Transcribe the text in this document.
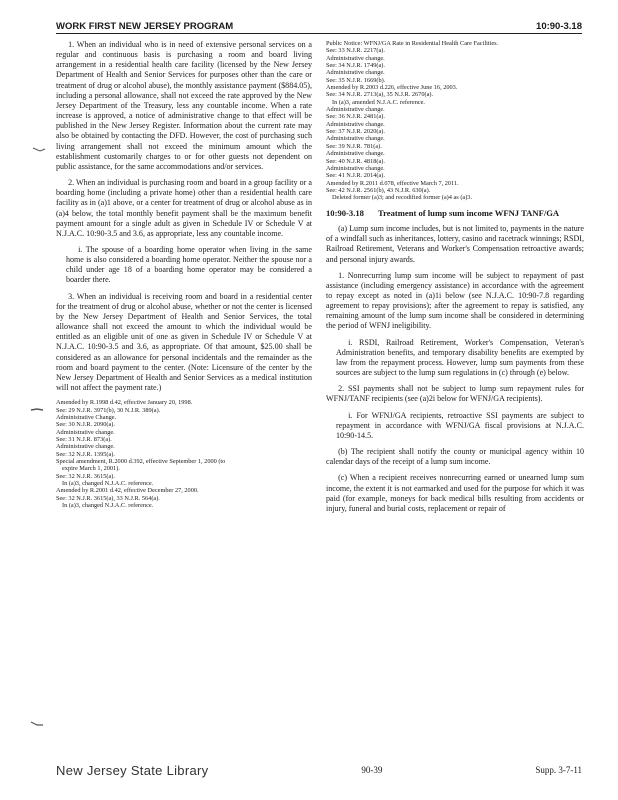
WORK FIRST NEW JERSEY PROGRAM	10:90-3.18

1. When an individual who is in need of extensive personal services on a regular and continuous basis is purchasing a room and board living arrangement in a residential health care facility (licensed by the New Jersey Department of Health and Senior Services for purposes other than the care or treatment of drug or alcohol abuse), the monthly assistance payment ($884.05), including a personal allowance, shall not exceed the rate approved by the New Jersey Department of the Treasury, less any countable income. When a rate increase is approved, a notice of administrative change to that effect will be published in the New Jersey Register. Information about the current rate may also be obtained by contacting the DFD. However, the cost of purchasing such living arrangement shall not exceed the minimum amount which the establishment customarily charges to or for other guests not dependent on public assistance, for the same accommodations and/or services.

2. When an individual is purchasing room and board in a group facility or a boarding home (including a private home) other than a residential health care facility as in (a)1 above, or a center for treatment of drug or alcohol abuse as in (a)4 below, the total monthly benefit payment shall be the maximum benefit payment amount for a single adult as given in Schedule IV or Schedule V at N.J.A.C. 10:90-3.5 and 3.6, as appropriate, less any countable income.

i. The spouse of a boarding home operator when living in the same home is also considered a boarding home operator. Neither the spouse nor a child under age 18 of a boarding home operator may be considered a boarder there.

3. When an individual is receiving room and board in a residential center for the treatment of drug or alcohol abuse, whether or not the center is licensed by the New Jersey Department of Health and Senior Services, the total allowance shall not exceed the amount to which the individual would be entitled as an eligible unit of one as given in Schedule IV or Schedule V at N.J.A.C. 10:90-3.5 and 3.6, as appropriate. Of that amount, $25.00 shall be considered as an allowance for personal incidentals and the remainder as the room and board payment to the center. (Note: Licensure of the center by the New Jersey Department of Health and Senior Services as a medical institution will not affect the payment rate.)

Amended by R.1998 d.42, effective January 20, 1998.
See: 29 N.J.R. 3971(b), 30 N.J.R. 389(a).
Administrative Change.
See: 30 N.J.R. 2090(a).
Administrative change.
See: 31 N.J.R. 873(a).
Administrative change.
See: 32 N.J.R. 1395(a).
Special amendment, R.2000 d.392, effective September 1, 2000 (to
expire March 1, 2001).
See: 32 N.J.R. 3615(a).
In (a)3, changed N.J.A.C. reference.
Amended by R.2001 d.42, effective December 27, 2000.
See: 32 N.J.R. 3615(a), 33 N.J.R. 564(a).
In (a)3, changed N.J.A.C. reference.
Public Notice: WFNJ/GA Rate in Residential Health Care Facilities.
See: 33 N.J.R. 2217(a).
Administrative change.
See: 34 N.J.R. 1749(a).
Administrative change.
See: 35 N.J.R. 1669(b).
Amended by R.2003 d.226, effective June 16, 2003.
See: 34 N.J.R. 2713(a), 35 N.J.R. 2670(a).
In (a)3, amended N.J.A.C. reference.
Administrative change.
See: 36 N.J.R. 2481(a).
Administrative change.
See: 37 N.J.R. 2020(a).
Administrative change.
See: 39 N.J.R. 781(a).
Administrative change.
See: 40 N.J.R. 4818(a).
Administrative change.
See: 41 N.J.R. 2014(a).
Amended by R.2011 d.078, effective March 7, 2011.
See: 42 N.J.R. 2561(b), 43 N.J.R. 630(a).
Deleted former (a)3; and recodified former (a)4 as (a)3.
10:90-3.18	Treatment of lump sum income WFNJ TANF/GA

(a) Lump sum income includes, but is not limited to, payments in the nature of a windfall such as inheritances, lottery, casino and racetrack winnings; RSDI, Railroad Retirement, Veterans and Worker's Compensation retroactive awards; and personal injury awards.

1. Nonrecurring lump sum income will be subject to repayment of past assistance (including emergency assistance) in accordance with the agreement to repay except as noted in (a)1i below (see N.J.A.C. 10:90-7.8 regarding agreement to repay provisions); after the agreement to repay is satisfied, any remaining amount of the lump sum income shall be considered in determining the period of WFNJ ineligibility.

i. RSDI, Railroad Retirement, Worker's Compensation, Veteran's Administration benefits, and temporary disability benefits are exempted by law from the repayment process. However, lump sum payments from these sources are subject to the lump sum regulations in (c) through (e) below.

2. SSI payments shall not be subject to lump sum repayment rules for WFNJ/TANF recipients (see (a)2i below for WFNJ/GA recipients).

i. For WFNJ/GA recipients, retroactive SSI payments are subject to repayment in accordance with WFNJ/GA fiscal provisions at N.J.A.C. 10:90-14.5.

(b) The recipient shall notify the county or municipal agency within 10 calendar days of the receipt of a lump sum income.

(c) When a recipient receives nonrecurring earned or unearned lump sum income, the extent it is not earmarked and used for the purpose for which it was paid (for example, moneys for back medical bills resulting from accidents or injury, funeral and burial costs, replacement or repair of

New Jersey State Library	90-39	Supp. 3-7-11
